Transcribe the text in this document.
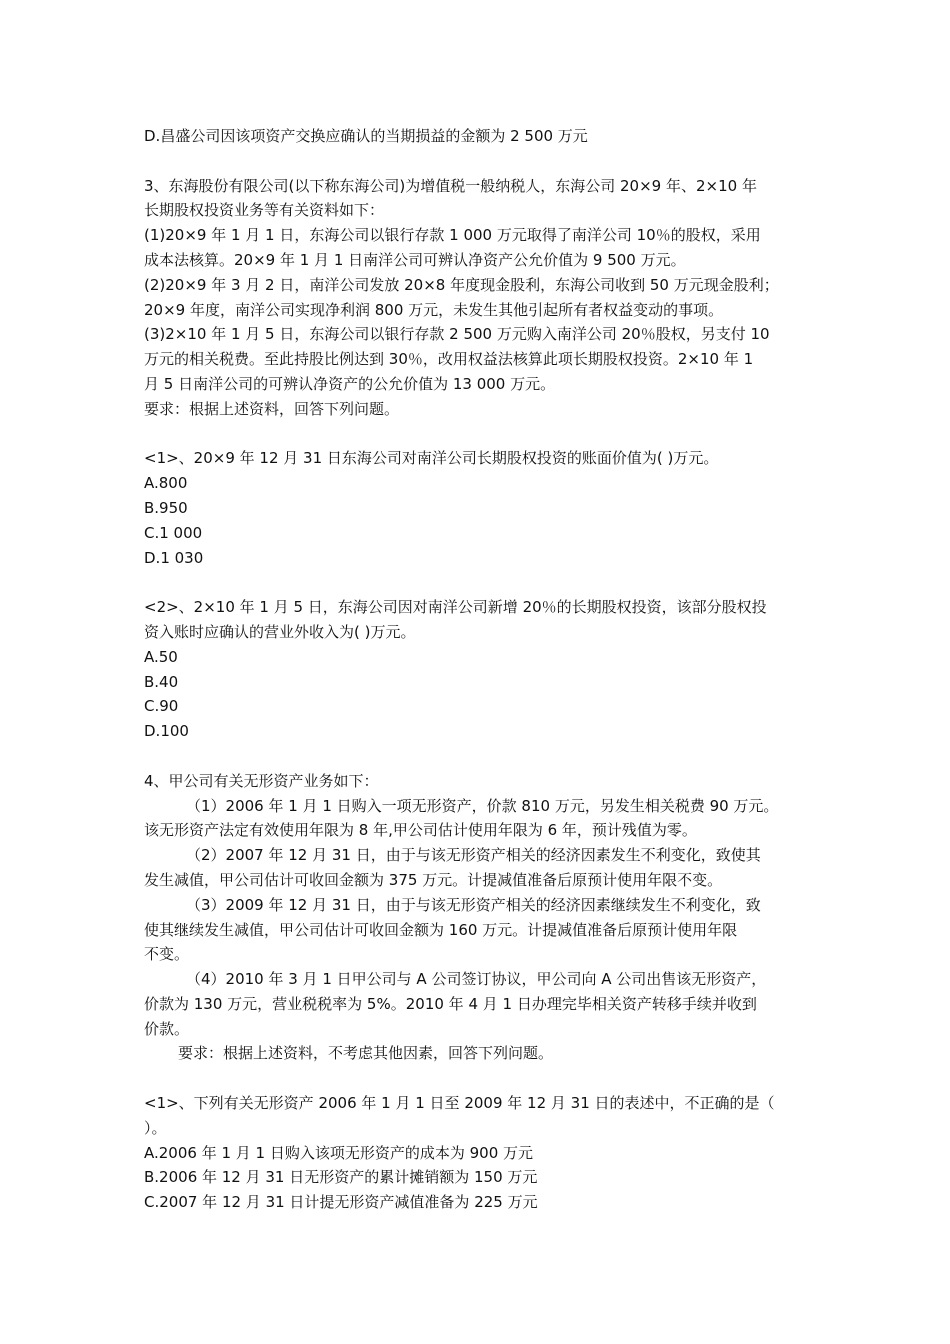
D.昌盛公司因该项资产交换应确认的当期损益的金额为 2 500 万元
3、东海股份有限公司(以下称东海公司)为增值税一般纳税人，东海公司 20×9 年、2×10 年
长期股权投资业务等有关资料如下：
(1)20×9 年 1 月 1 日，东海公司以银行存款 1 000 万元取得了南洋公司 10％的股权，采用
成本法核算。20×9 年 1 月 1 日南洋公司可辨认净资产公允价值为 9 500 万元。
(2)20×9 年 3 月 2 日，南洋公司发放 20×8 年度现金股利，东海公司收到 50 万元现金股利；
20×9 年度，南洋公司实现净利润 800 万元，未发生其他引起所有者权益变动的事项。
(3)2×10 年 1 月 5 日，东海公司以银行存款 2 500 万元购入南洋公司 20％股权，另支付 10
万元的相关税费。至此持股比例达到 30％，改用权益法核算此项长期股权投资。2×10 年 1
月 5 日南洋公司的可辨认净资产的公允价值为 13 000 万元。
要求：根据上述资料，回答下列问题。
<1>、20×9 年 12 月 31 日东海公司对南洋公司长期股权投资的账面价值为( )万元。
A.800
B.950
C.1 000
D.1 030
<2>、2×10 年 1 月 5 日，东海公司因对南洋公司新增 20％的长期股权投资，该部分股权投
资入账时应确认的营业外收入为( )万元。
A.50
B.40
C.90
D.100
4、甲公司有关无形资产业务如下：
（1）2006 年 1 月 1 日购入一项无形资产，价款 810 万元，另发生相关税费 90 万元。
该无形资产法定有效使用年限为 8 年,甲公司估计使用年限为 6 年，预计残值为零。
（2）2007 年 12 月 31 日，由于与该无形资产相关的经济因素发生不利变化，致使其
发生减值，甲公司估计可收回金额为 375 万元。计提减值准备后原预计使用年限不变。
（3）2009 年 12 月 31 日，由于与该无形资产相关的经济因素继续发生不利变化，致
使其继续发生减值，甲公司估计可收回金额为 160 万元。计提减值准备后原预计使用年限
不变。
（4）2010 年 3 月 1 日甲公司与 A 公司签订协议，甲公司向 A 公司出售该无形资产，
价款为 130 万元，营业税税率为 5%。2010 年 4 月 1 日办理完毕相关资产转移手续并收到
价款。
要求：根据上述资料，不考虑其他因素，回答下列问题。
<1>、下列有关无形资产 2006 年 1 月 1 日至 2009 年 12 月 31 日的表述中，不正确的是（
）。
A.2006 年 1 月 1 日购入该项无形资产的成本为 900 万元
B.2006 年 12 月 31 日无形资产的累计摊销额为 150 万元
C.2007 年 12 月 31 日计提无形资产减值准备为 225 万元
